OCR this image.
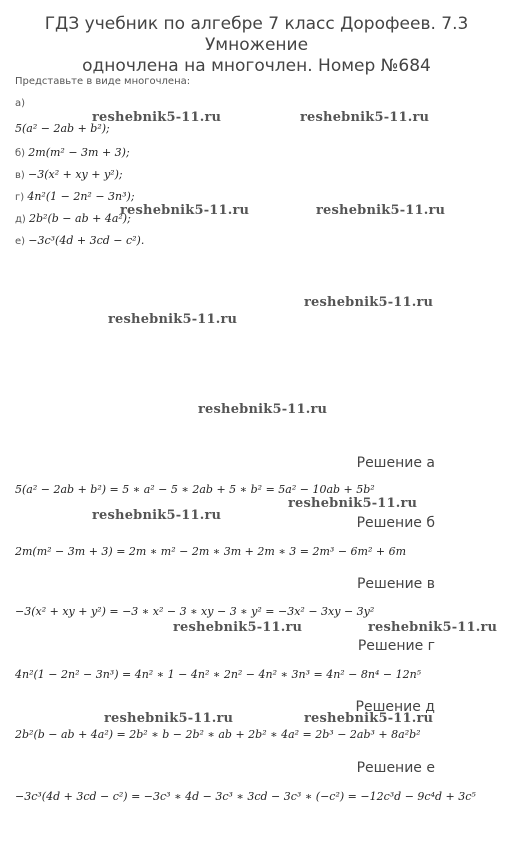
ГДЗ учебник по алгебре 7 класс Дорофеев. 7.3 Умножение
одночлена на многочлен. Номер №684
Представьте в виде многочлена:
а)
5(a² − 2ab + b²);
б) 2m(m² − 3m + 3);
в) −3(x² + xy + y²);
г) 4n²(1 − 2n² − 3n³);
д) 2b²(b − ab + 4a²);
е) −3c³(4d + 3cd − c²).
reshebnik5-11.ru	reshebnik5-11.ru
reshebnik5-11.ru	reshebnik5-11.ru
reshebnik5-11.ru
reshebnik5-11.ru
reshebnik5-11.ru
reshebnik5-11.ru
reshebnik5-11.ru
reshebnik5-11.ru	reshebnik5-11.ru
reshebnik5-11.ru	reshebnik5-11.ru
Решение а
5(a² − 2ab + b²) = 5 ∗ a² − 5 ∗ 2ab + 5 ∗ b² = 5a² − 10ab + 5b²
Решение б
2m(m² − 3m + 3) = 2m ∗ m² − 2m ∗ 3m + 2m ∗ 3 = 2m³ − 6m² + 6m
Решение в
−3(x² + xy + y²) = −3 ∗ x² − 3 ∗ xy − 3 ∗ y² = −3x² − 3xy − 3y²
Решение г
4n²(1 − 2n² − 3n³) = 4n² ∗ 1 − 4n² ∗ 2n² − 4n² ∗ 3n³ = 4n² − 8n⁴ − 12n⁵
Решение д
2b²(b − ab + 4a²) = 2b² ∗ b − 2b² ∗ ab + 2b² ∗ 4a² = 2b³ − 2ab³ + 8a²b²
Решение е
−3c³(4d + 3cd − c²) = −3c³ ∗ 4d − 3c³ ∗ 3cd − 3c³ ∗ (−c²) = −12c³d − 9c⁴d + 3c⁵
